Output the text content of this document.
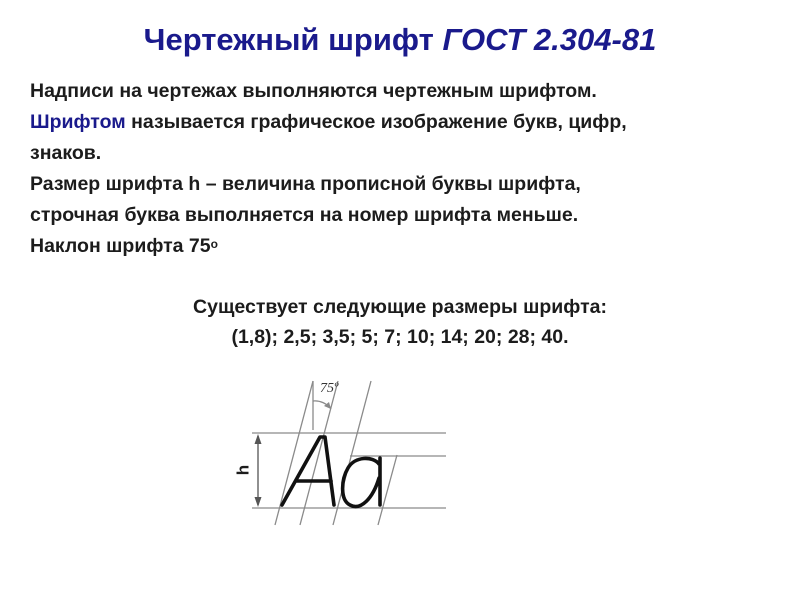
Чертежный шрифт ГОСТ 2.304-81
Надписи на чертежах выполняются чертежным шрифтом.
Шрифтом называется графическое изображение букв, цифр,
знаков.
Размер шрифта h – величина прописной буквы шрифта,
строчная буква выполняется на номер шрифта меньше.
Наклон шрифта $75^о$
Существует следующие размеры шрифта:
(1,8); 2,5; 3,5; 5; 7; 10; 14; 20; 28; 40.
75º
h
